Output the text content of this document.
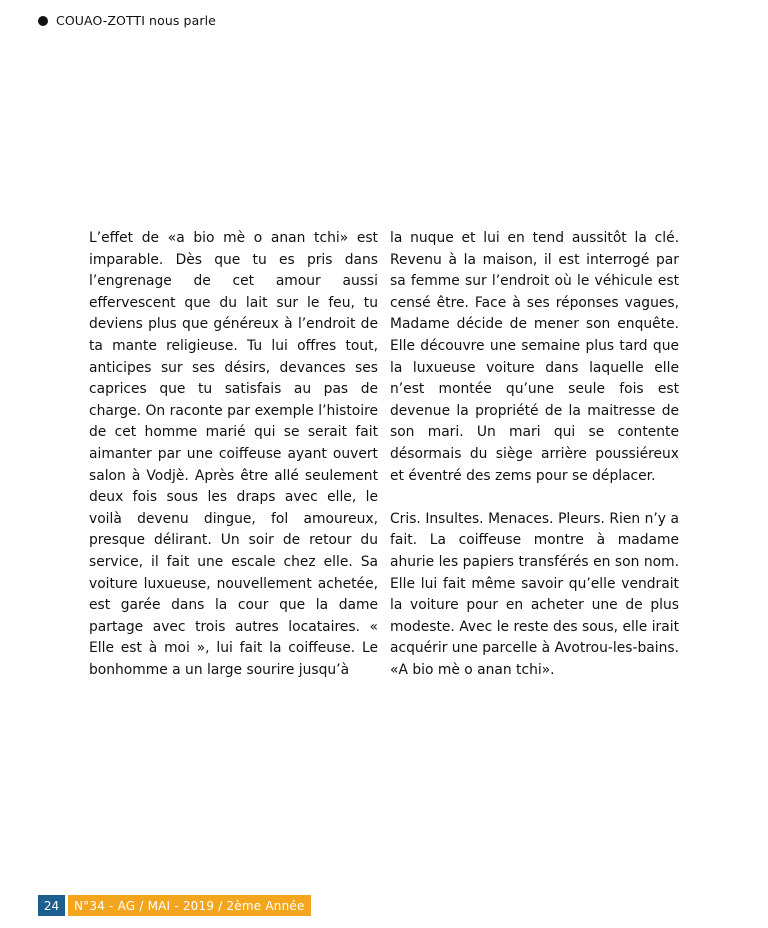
COUAO-ZOTTI nous parle

L’effet de «a bio mè o anan tchi» est imparable. Dès que tu es pris dans l’engrenage de cet amour aussi effervescent que du lait sur le feu, tu deviens plus que généreux à l’endroit de ta mante religieuse. Tu lui offres tout, anticipes sur ses désirs, devances ses caprices que tu satisfais au pas de charge. On raconte par exemple l’histoire de cet homme marié qui se serait fait aimanter par une coiffeuse ayant ouvert salon à Vodjè. Après être allé seulement deux fois sous les draps avec elle, le voilà devenu dingue, fol amoureux, presque délirant. Un soir de retour du service, il fait une escale chez elle. Sa voiture luxueuse, nouvellement achetée, est garée dans la cour que la dame partage avec trois autres locataires. « Elle est à moi », lui fait la coiffeuse. Le bonhomme a un large sourire jusqu’à

la nuque et lui en tend aussitôt la clé. Revenu à la maison, il est interrogé par sa femme sur l’endroit où le véhicule est censé être. Face à ses réponses vagues, Madame décide de mener son enquête. Elle découvre une semaine plus tard que la luxueuse voiture dans laquelle elle n’est montée qu’une seule fois est devenue la propriété de la maitresse de son mari. Un mari qui se contente désormais du siège arrière poussiéreux et éventré des zems pour se déplacer.

Cris. Insultes. Menaces. Pleurs. Rien n’y a fait. La coiffeuse montre à madame ahurie les papiers transférés en son nom. Elle lui fait même savoir qu’elle vendrait la voiture pour en acheter une de plus modeste. Avec le reste des sous, elle irait acquérir une parcelle à Avotrou-les-bains. «A bio mè o anan tchi».

24	N°34 - AG / MAI - 2019 / 2ème Année
